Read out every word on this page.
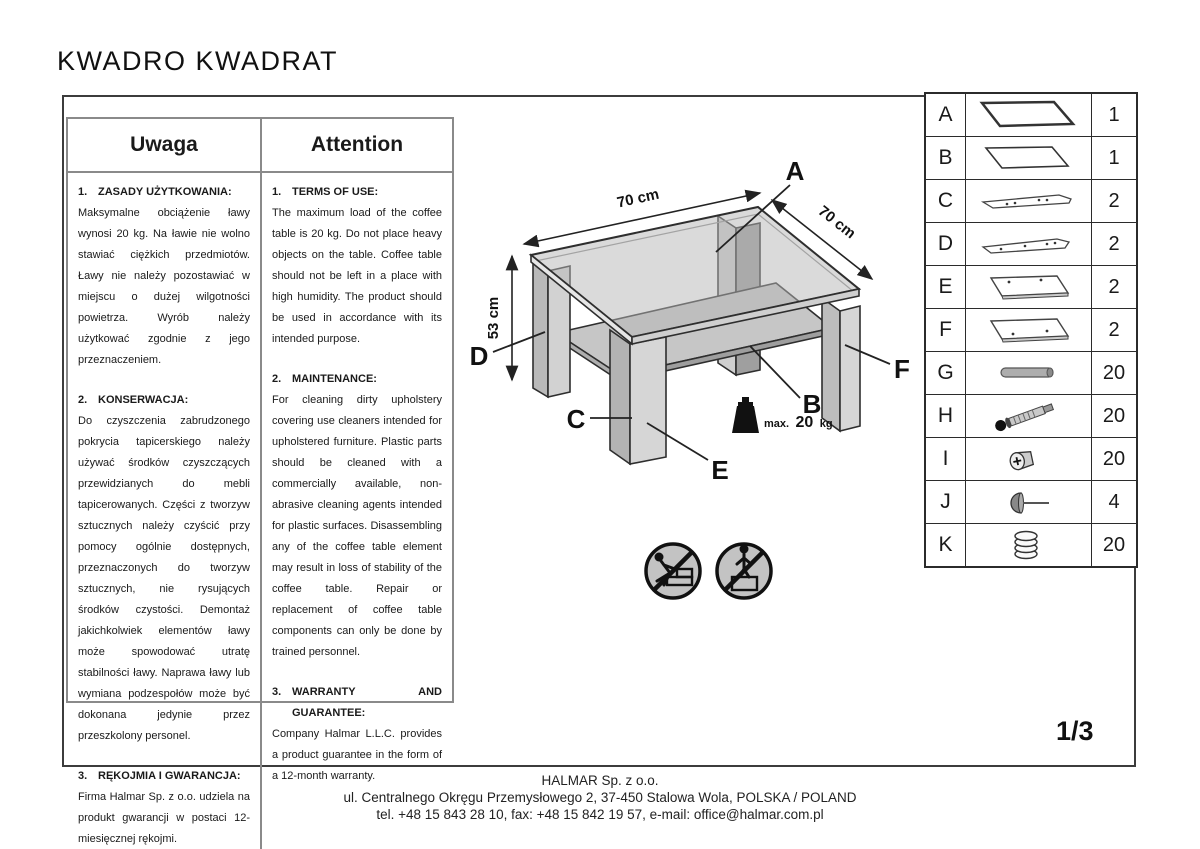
KWADRO KWADRAT
Uwaga
1. ZASADY UŻYTKOWANIA:
Maksymalne obciążenie ławy wynosi 20 kg. Na ławie nie wolno stawiać ciężkich przedmiotów. Ławy nie należy pozostawiać w miejscu o dużej wilgotności powietrza. Wyrób należy użytkować zgodnie z jego przeznaczeniem.
2. KONSERWACJA:
Do czyszczenia zabrudzonego pokrycia tapicerskiego należy używać środków czyszczących przewidzianych do mebli tapicerowanych. Części z tworzyw sztucznych należy czyścić przy pomocy ogólnie dostępnych, przeznaczonych do tworzyw sztucznych, nie rysujących środków czystości. Demontaż jakichkolwiek elementów ławy może spowodować utratę stabilności ławy. Naprawa ławy lub wymiana podzespołów może być dokonana jedynie przez przeszkolony personel.
3. RĘKOJMIA I GWARANCJA:
Firma Halmar Sp. z o.o. udziela na produkt gwarancji w postaci 12-miesięcznej rękojmi.
Attention
1. TERMS OF USE:
The maximum load of the coffee table is 20 kg. Do not place heavy objects on the table. Coffee table should not be left in a place with high humidity. The product should be used in accordance with its intended purpose.
2. MAINTENANCE:
For cleaning dirty upholstery covering use cleaners intended for upholstered furniture. Plastic parts should be cleaned with a commercially available, non-abrasive cleaning agents intended for plastic surfaces. Disassembling any of the coffee table element may result in loss of stability of the coffee table. Repair or replacement of coffee table components can only be done by trained personnel.
3. WARRANTY AND GUARANTEE:
Company Halmar L.L.C. provides a product guarantee in the form of a 12-month warranty.
70 cm
70 cm
53 cm
A
B
C
D
E
F
max. 20 kg
A	1
B	1
C	2
D	2
E	2
F	2
G	20
H	20
I	20
J	4
K	20
1/3
HALMAR Sp. z o.o.
ul. Centralnego Okręgu Przemysłowego 2, 37-450 Stalowa Wola, POLSKA / POLAND
tel. +48 15 843 28 10, fax: +48 15 842 19 57, e-mail: office@halmar.com.pl
